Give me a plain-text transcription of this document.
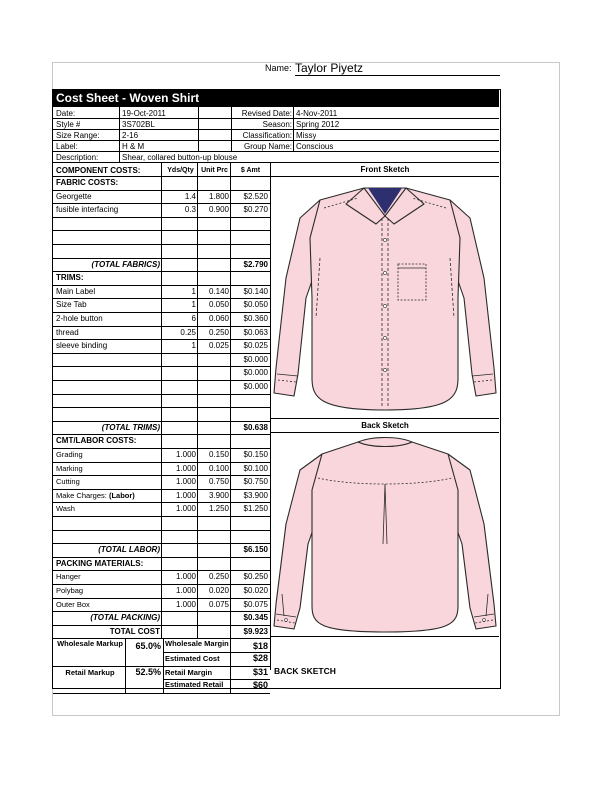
Name: Taylor Piyetz
Cost Sheet - Woven Shirt
Date:	19-Oct-2011	Revised Date: 4-Nov-2011
Style #	3S702BL	Season: Spring 2012
Size Range:	2-16	Classification: Missy
Label:	H & M	Group Name: Conscious
Description:	Shear, collared button-up blouse
COMPONENT COSTS:	Yds/Qty	Unit Prc	$ Amt
FABRIC COSTS:
Georgette	1.4	1.800	$2.520
fusible interfacing	0.3	0.900	$0.270
(TOTAL FABRICS)	$2.790
TRIMS:
Main Label	1	0.140	$0.140
Size Tab	1	0.050	$0.050
2-hole button	6	0.060	$0.360
thread	0.25	0.250	$0.063
sleeve binding	1	0.025	$0.025
$0.000
$0.000
$0.000
(TOTAL TRIMS)	$0.638
CMT/LABOR COSTS:
Grading	1.000	0.150	$0.150
Marking	1.000	0.100	$0.100
Cutting	1.000	0.750	$0.750
Make Charges: (Labor)	1.000	3.900	$3.900
Wash	1.000	1.250	$1.250
(TOTAL LABOR)	$6.150
PACKING MATERIALS:
Hanger	1.000	0.250	$0.250
Polybag	1.000	0.020	$0.020
Outer Box	1.000	0.075	$0.075
(TOTAL PACKING)	$0.345
TOTAL COST	$9.923
Wholesale Markup	65.0% Wholesale Margin	$18
Estimated Cost	$28
Retail Markup	52.5% Retail Margin	$31
Estimated Retail	$60
Front Sketch
Back Sketch
BACK SKETCH
